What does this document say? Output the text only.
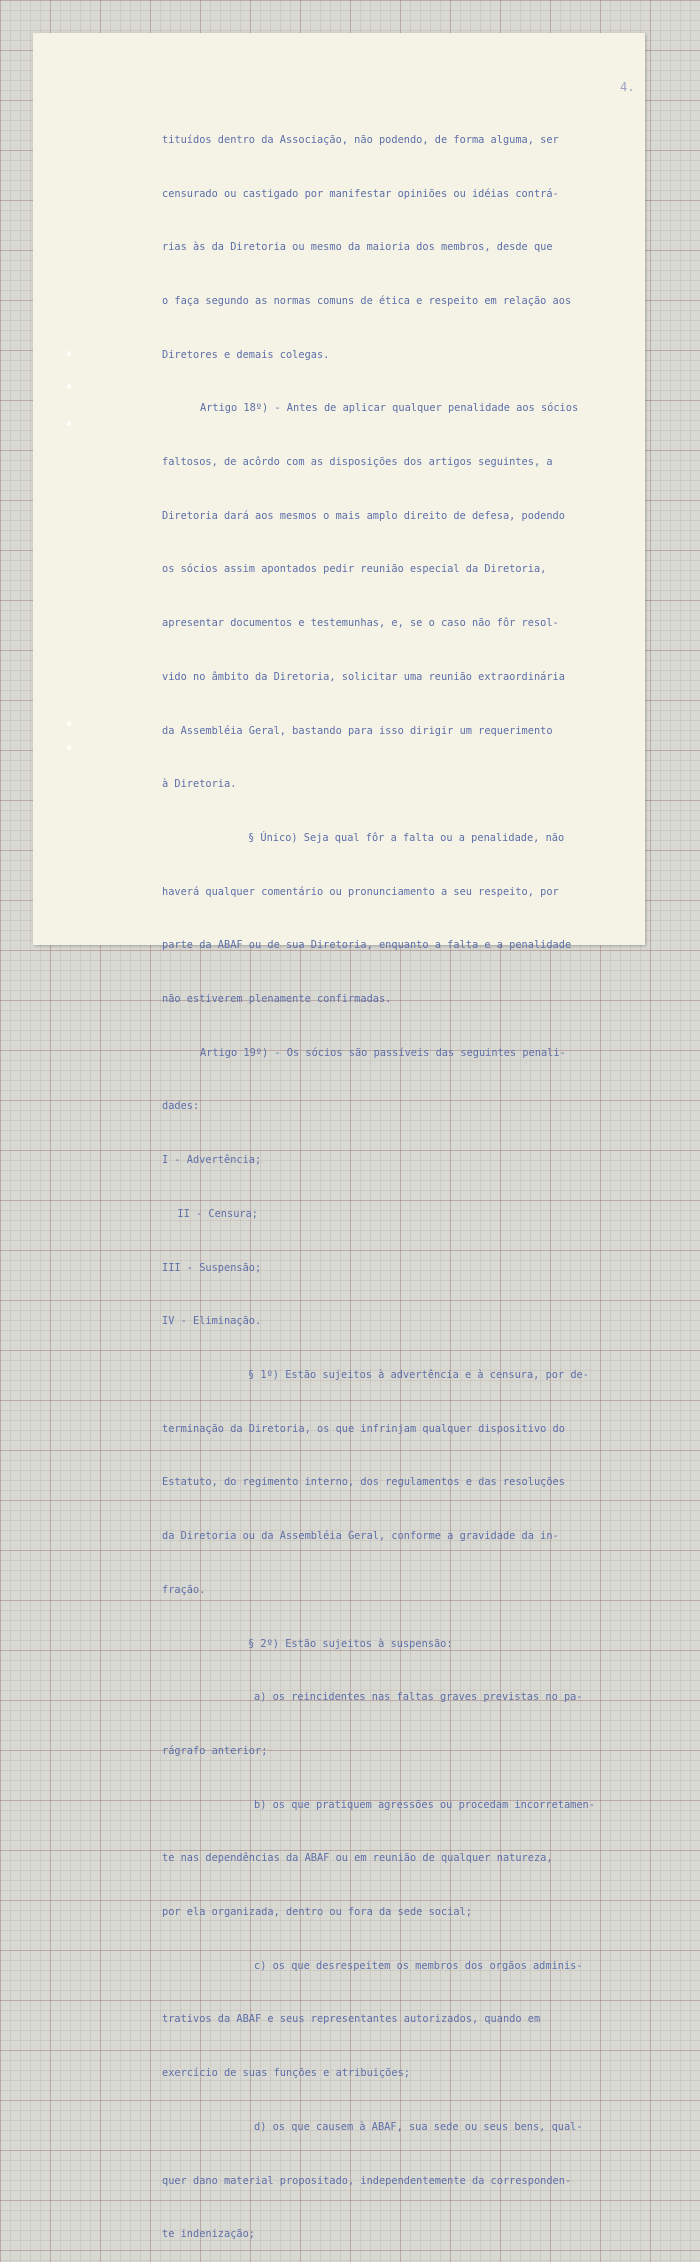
4.

tituídos dentro da Associação, não podendo, de forma alguma, ser

censurado ou castigado por manifestar opiniões ou idéias contrá-

rias às da Diretoria ou mesmo da maioria dos membros, desde que

o faça segundo as normas comuns de ética e respeito em relação aos

Diretores e demais colegas.

Artigo 18º) - Antes de aplicar qualquer penalidade aos sócios

faltosos, de acôrdo com as disposições dos artigos seguintes, a

Diretoria dará aos mesmos o mais amplo direito de defesa, podendo

os sócios assim apontados pedir reunião especial da Diretoria,

apresentar documentos e testemunhas, e, se o caso não fôr resol-

vido no âmbito da Diretoria, solicitar uma reunião extraordinária

da Assembléia Geral, bastando para isso dirigir um requerimento

à Diretoria.

§ Único) Seja qual fôr a falta ou a penalidade, não

haverá qualquer comentário ou pronunciamento a seu respeito, por

parte da ABAF ou de sua Diretoria, enquanto a falta e a penalidade

não estiverem plenamente confirmadas.

Artigo 19º) - Os sócios são passíveis das seguintes penali-

dades:

I - Advertência;

II - Censura;

III - Suspensão;

IV - Eliminação.

§ 1º) Estão sujeitos à advertência e à censura, por de-

terminação da Diretoria, os que infrinjam qualquer dispositivo do

Estatuto, do regimento interno, dos regulamentos e das resoluções

da Diretoria ou da Assembléia Geral, conforme a gravidade da in-

fração.

§ 2º) Estão sujeitos à suspensão:

a) os reincidentes nas faltas graves previstas no pa-

rágrafo anterior;

b) os que pratiquem agressões ou procedam incorretamen-

te nas dependências da ABAF ou em reunião de qualquer natureza,

por ela organizada, dentro ou fora da sede social;

c) os que desrespeitem os membros dos orgãos adminis-

trativos da ABAF e seus representantes autorizados, quando em

exercício de suas funções e atribuições;

d) os que causem à ABAF, sua sede ou seus bens, qual-

quer dano material propositado, independentemente da corresponden-

te indenização;
